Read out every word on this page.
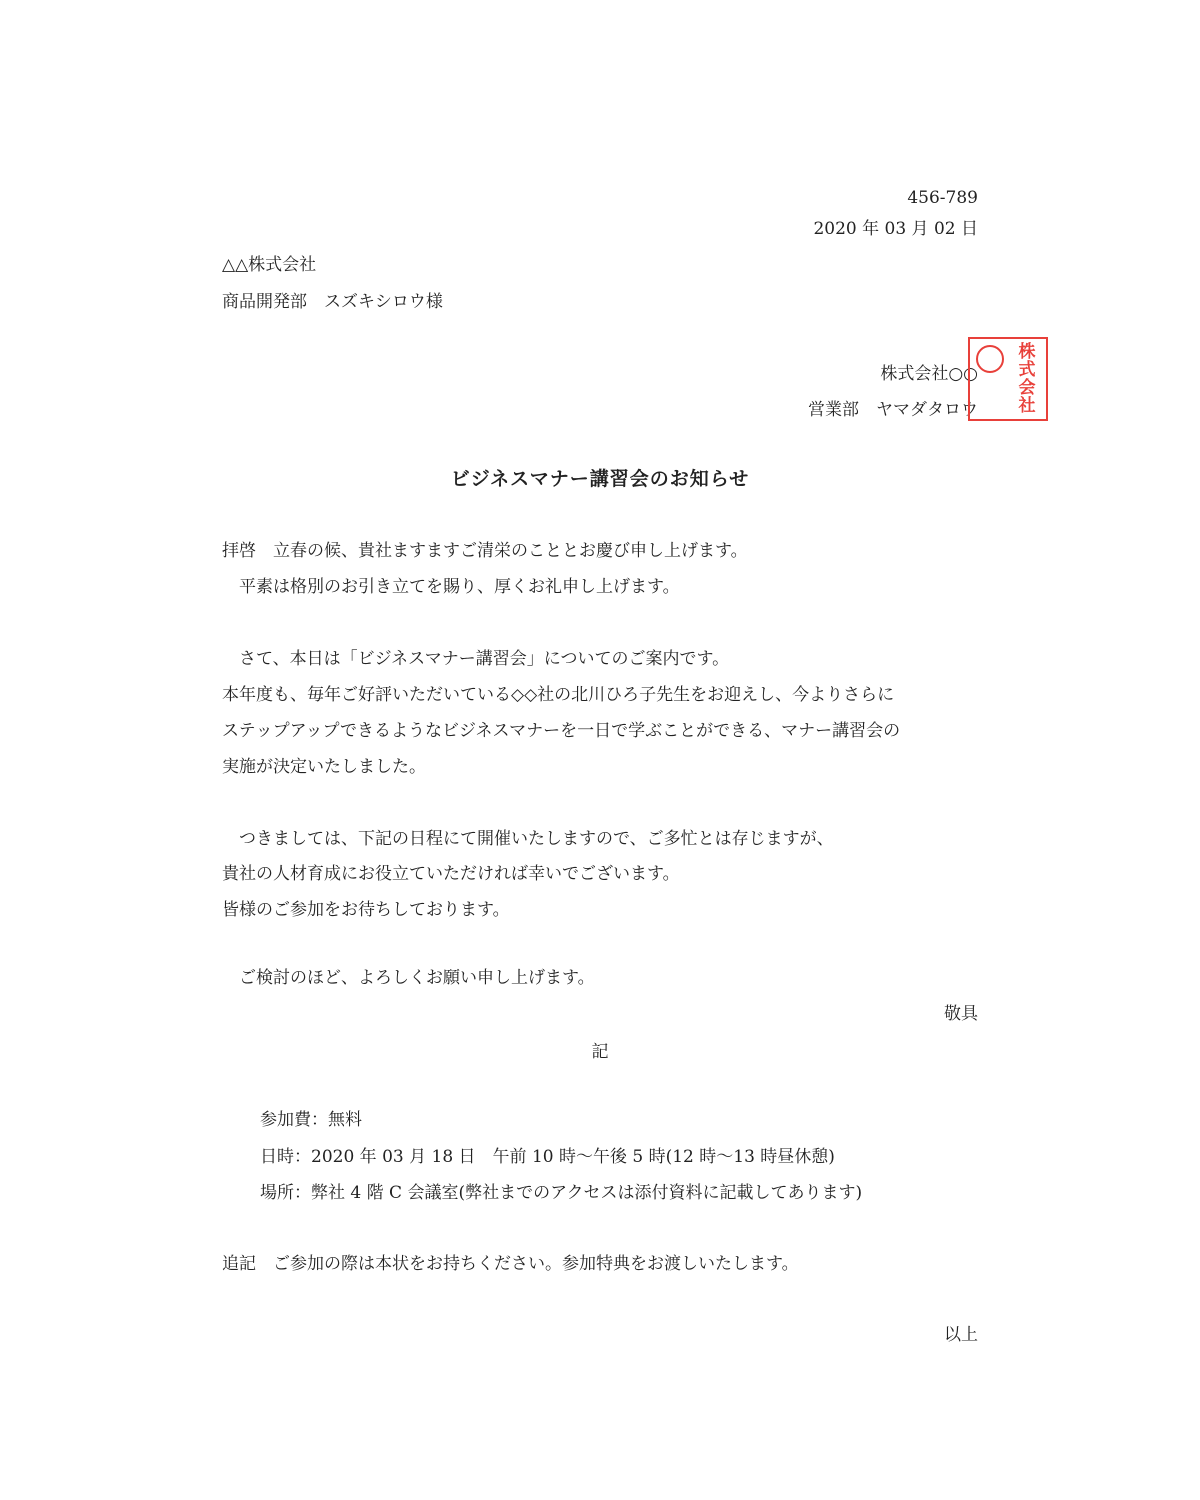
456-789
2020 年 03 月 02 日
△△株式会社
商品開発部　スズキシロウ様
株式会社○○
営業部　ヤマダタロウ
株
式
会
社
ビジネスマナー講習会のお知らせ
拝啓　立春の候、貴社ますますご清栄のこととお慶び申し上げます。
　平素は格別のお引き立てを賜り、厚くお礼申し上げます。
　さて、本日は「ビジネスマナー講習会」についてのご案内です。
本年度も、毎年ご好評いただいている◇◇社の北川ひろ子先生をお迎えし、今よりさらに
ステップアップできるようなビジネスマナーを一日で学ぶことができる、マナー講習会の
実施が決定いたしました。
　つきましては、下記の日程にて開催いたしますので、ご多忙とは存じますが、
貴社の人材育成にお役立ていただければ幸いでございます。
皆様のご参加をお待ちしております。
　ご検討のほど、よろしくお願い申し上げます。
敬具
記
参加費：無料
日時：2020 年 03 月 18 日　午前 10 時～午後 5 時(12 時～13 時昼休憩)
場所：弊社 4 階 C 会議室(弊社までのアクセスは添付資料に記載してあります)
追記　ご参加の際は本状をお持ちください。参加特典をお渡しいたします。
以上
